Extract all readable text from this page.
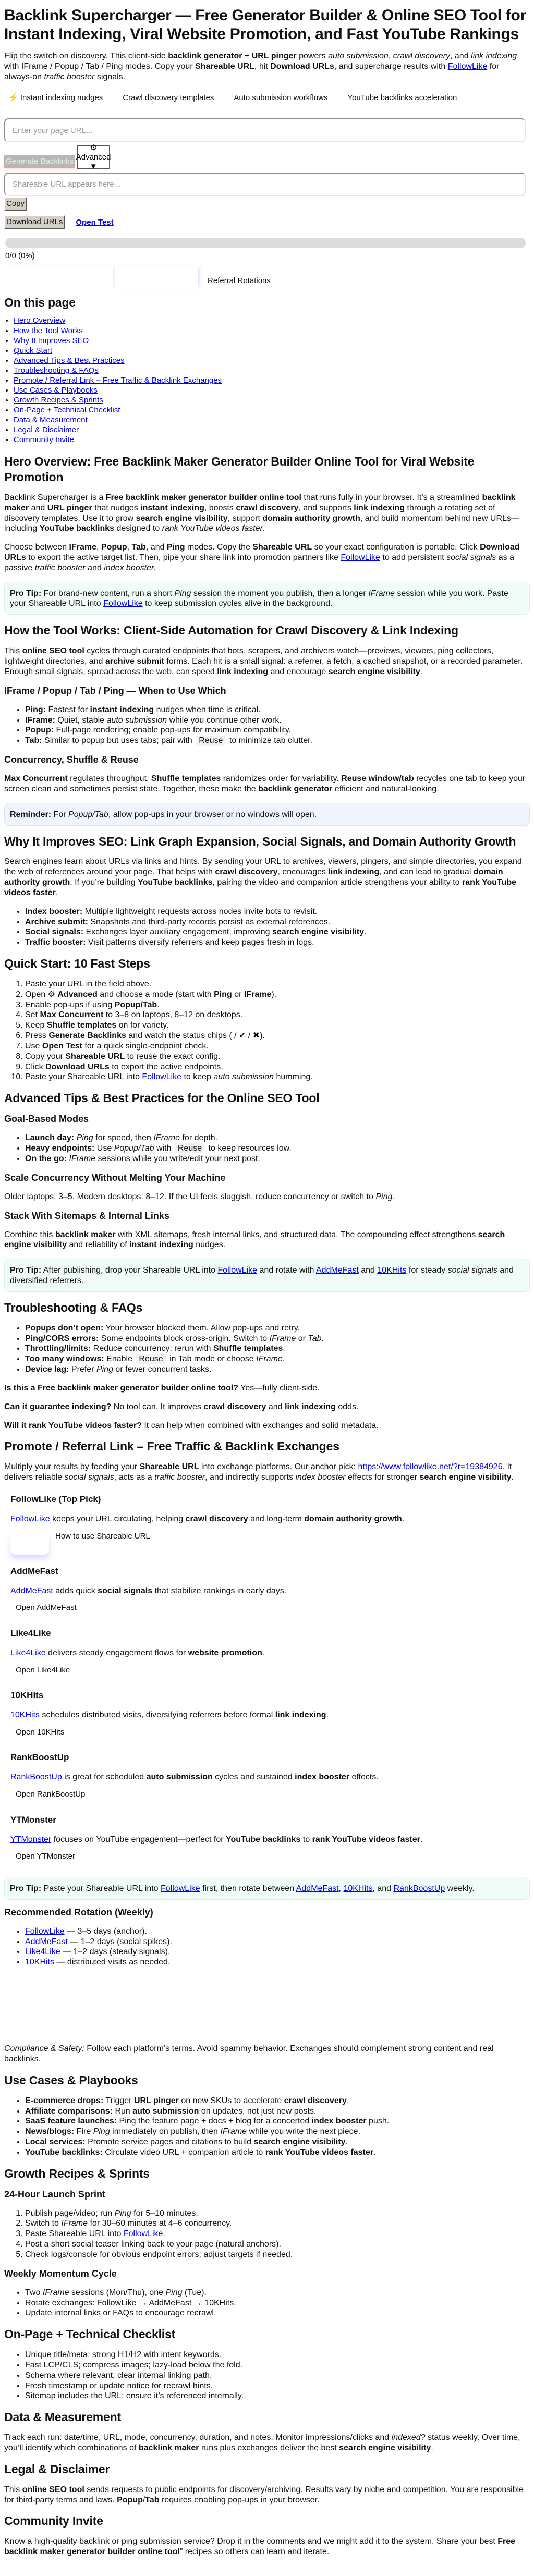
Backlink Supercharger — Free Generator Builder & Online SEO Tool for Instant Indexing, Viral Website Promotion, and Fast YouTube Rankings

Flip the switch on discovery. This client-side backlink generator + URL pinger powers auto submission, crawl discovery, and link indexing with IFrame / Popup / Tab / Ping modes. Copy your Shareable URL, hit Download URLs, and supercharge results with FollowLike for always-on traffic booster signals.

⚡ Instant indexing nudges	Crawl discovery templates	Auto submission workflows	YouTube backlinks acceleration
Enter your page URL...
Generate Backlinks
⚙ Advanced
▼
Shareable URL appears here...
Copy
Download URLs	Open Test
0/0 (0%)
Referral Rotations
On this page
• Hero Overview
• How the Tool Works
• Why It Improves SEO
• Quick Start
• Advanced Tips & Best Practices
• Troubleshooting & FAQs
• Promote / Referral Link – Free Traffic & Backlink Exchanges
• Use Cases & Playbooks
• Growth Recipes & Sprints
• On-Page + Technical Checklist
• Data & Measurement
• Legal & Disclaimer
• Community Invite
Hero Overview: Free Backlink Maker Generator Builder Online Tool for Viral Website Promotion

Backlink Supercharger is a Free backlink maker generator builder online tool that runs fully in your browser. It’s a streamlined backlink maker and URL pinger that nudges instant indexing, boosts crawl discovery, and supports link indexing through a rotating set of discovery templates. Use it to grow search engine visibility, support domain authority growth, and build momentum behind new URLs—including YouTube backlinks designed to rank YouTube videos faster.

Choose between IFrame, Popup, Tab, and Ping modes. Copy the Shareable URL so your exact configuration is portable. Click Download URLs to export the active target list. Then, pipe your share link into promotion partners like FollowLike to add persistent social signals as a passive traffic booster and index booster.

Pro Tip: For brand-new content, run a short Ping session the moment you publish, then a longer IFrame session while you work. Paste your Shareable URL into FollowLike to keep submission cycles alive in the background.
How the Tool Works: Client-Side Automation for Crawl Discovery & Link Indexing

This online SEO tool cycles through curated endpoints that bots, scrapers, and archivers watch—previews, viewers, ping collectors, lightweight directories, and archive submit forms. Each hit is a small signal: a referrer, a fetch, a cached snapshot, or a recorded parameter. Enough small signals, spread across the web, can speed link indexing and encourage search engine visibility.

IFrame / Popup / Tab / Ping — When to Use Which
• Ping: Fastest for instant indexing nudges when time is critical.
• IFrame: Quiet, stable auto submission while you continue other work.
• Popup: Full-page rendering; enable pop-ups for maximum compatibility.
• Tab: Similar to popup but uses tabs; pair with Reuse to minimize tab clutter.
Concurrency, Shuffle & Reuse

Max Concurrent regulates throughput. Shuffle templates randomizes order for variability. Reuse window/tab recycles one tab to keep your screen clean and sometimes persist state. Together, these make the backlink generator efficient and natural-looking.

Reminder: For Popup/Tab, allow pop-ups in your browser or no windows will open.
Why It Improves SEO: Link Graph Expansion, Social Signals, and Domain Authority Growth

Search engines learn about URLs via links and hints. By sending your URL to archives, viewers, pingers, and simple directories, you expand the web of references around your page. That helps with crawl discovery, encourages link indexing, and can lead to gradual domain authority growth. If you’re building YouTube backlinks, pairing the video and companion article strengthens your ability to rank YouTube videos faster.

• Index booster: Multiple lightweight requests across nodes invite bots to revisit.
• Archive submit: Snapshots and third-party records persist as external references.
• Social signals: Exchanges layer auxiliary engagement, improving search engine visibility.
• Traffic booster: Visit patterns diversify referrers and keep pages fresh in logs.
Quick Start: 10 Fast Steps
1. Paste your URL in the field above.
2. Open ⚙ Advanced and choose a mode (start with Ping or IFrame).
3. Enable pop-ups if using Popup/Tab.
4. Set Max Concurrent to 3–8 on laptops, 8–12 on desktops.
5. Keep Shuffle templates on for variety.
6. Press Generate Backlinks and watch the status chips ( / ✔ / ✖).
7. Use Open Test for a quick single-endpoint check.
8. Copy your Shareable URL to reuse the exact config.
9. Click Download URLs to export the active endpoints.
10. Paste your Shareable URL into FollowLike to keep auto submission humming.
Advanced Tips & Best Practices for the Online SEO Tool
Goal-Based Modes
• Launch day: Ping for speed, then IFrame for depth.
• Heavy endpoints: Use Popup/Tab with Reuse to keep resources low.
• On the go: IFrame sessions while you write/edit your next post.
Scale Concurrency Without Melting Your Machine

Older laptops: 3–5. Modern desktops: 8–12. If the UI feels sluggish, reduce concurrency or switch to Ping.

Stack With Sitemaps & Internal Links

Combine this backlink maker with XML sitemaps, fresh internal links, and structured data. The compounding effect strengthens search engine visibility and reliability of instant indexing nudges.

Pro Tip: After publishing, drop your Shareable URL into FollowLike and rotate with AddMeFast and 10KHits for steady social signals and diversified referrers.
Troubleshooting & FAQs
• Popups don’t open: Your browser blocked them. Allow pop-ups and retry.
• Ping/CORS errors: Some endpoints block cross-origin. Switch to IFrame or Tab.
• Throttling/limits: Reduce concurrency; rerun with Shuffle templates.
• Too many windows: Enable Reuse in Tab mode or choose IFrame.
• Device lag: Prefer Ping or fewer concurrent tasks.

Is this a Free backlink maker generator builder online tool? Yes—fully client-side.

Can it guarantee indexing? No tool can. It improves crawl discovery and link indexing odds.

Will it rank YouTube videos faster? It can help when combined with exchanges and solid metadata.

Promote / Referral Link – Free Traffic & Backlink Exchanges

Multiply your results by feeding your Shareable URL into exchange platforms. Our anchor pick: https://www.followlike.net/?r=19384926. It delivers reliable social signals, acts as a traffic booster, and indirectly supports index booster effects for stronger search engine visibility.

FollowLike (Top Pick)

FollowLike keeps your URL circulating, helping crawl discovery and long-term domain authority growth.

How to use Shareable URL
AddMeFast

AddMeFast adds quick social signals that stabilize rankings in early days.

Open AddMeFast
Like4Like

Like4Like delivers steady engagement flows for website promotion.

Open Like4Like
10KHits

10KHits schedules distributed visits, diversifying referrers before formal link indexing.

Open 10KHits
RankBoostUp

RankBoostUp is great for scheduled auto submission cycles and sustained index booster effects.

Open RankBoostUp
YTMonster

YTMonster focuses on YouTube engagement—perfect for YouTube backlinks to rank YouTube videos faster.

Open YTMonster
Pro Tip: Paste your Shareable URL into FollowLike first, then rotate between AddMeFast, 10KHits, and RankBoostUp weekly.
Recommended Rotation (Weekly)
• FollowLike — 3–5 days (anchor).
• AddMeFast — 1–2 days (social spikes).
• Like4Like — 1–2 days (steady signals).
• 10KHits — distributed visits as needed.

Compliance & Safety: Follow each platform’s terms. Avoid spammy behavior. Exchanges should complement strong content and real backlinks.

Use Cases & Playbooks
• E-commerce drops: Trigger URL pinger on new SKUs to accelerate crawl discovery.
• Affiliate comparisons: Run auto submission on updates, not just new posts.
• SaaS feature launches: Ping the feature page + docs + blog for a concerted index booster push.
• News/blogs: Fire Ping immediately on publish, then IFrame while you write the next piece.
• Local services: Promote service pages and citations to build search engine visibility.
• YouTube backlinks: Circulate video URL + companion article to rank YouTube videos faster.
Growth Recipes & Sprints
24-Hour Launch Sprint
1. Publish page/video; run Ping for 5–10 minutes.
2. Switch to IFrame for 30–60 minutes at 4–6 concurrency.
3. Paste Shareable URL into FollowLike.
4. Post a short social teaser linking back to your page (natural anchors).
5. Check logs/console for obvious endpoint errors; adjust targets if needed.
Weekly Momentum Cycle
• Two IFrame sessions (Mon/Thu), one Ping (Tue).
• Rotate exchanges: FollowLike → AddMeFast → 10KHits.
• Update internal links or FAQs to encourage recrawl.
On-Page + Technical Checklist
• Unique title/meta; strong H1/H2 with intent keywords.
• Fast LCP/CLS; compress images; lazy-load below the fold.
• Schema where relevant; clear internal linking path.
• Fresh timestamp or update notice for recrawl hints.
• Sitemap includes the URL; ensure it’s referenced internally.
Data & Measurement

Track each run: date/time, URL, mode, concurrency, duration, and notes. Monitor impressions/clicks and indexed? status weekly. Over time, you’ll identify which combinations of backlink maker runs plus exchanges deliver the best search engine visibility.

Legal & Disclaimer

This online SEO tool sends requests to public endpoints for discovery/archiving. Results vary by niche and competition. You are responsible for third-party terms and laws. Popup/Tab requires enabling pop-ups in your browser.

Community Invite

Know a high-quality backlink or ping submission service? Drop it in the comments and we might add it to the system. Share your best Free backlink maker generator builder online tool” recipes so others can learn and iterate.
